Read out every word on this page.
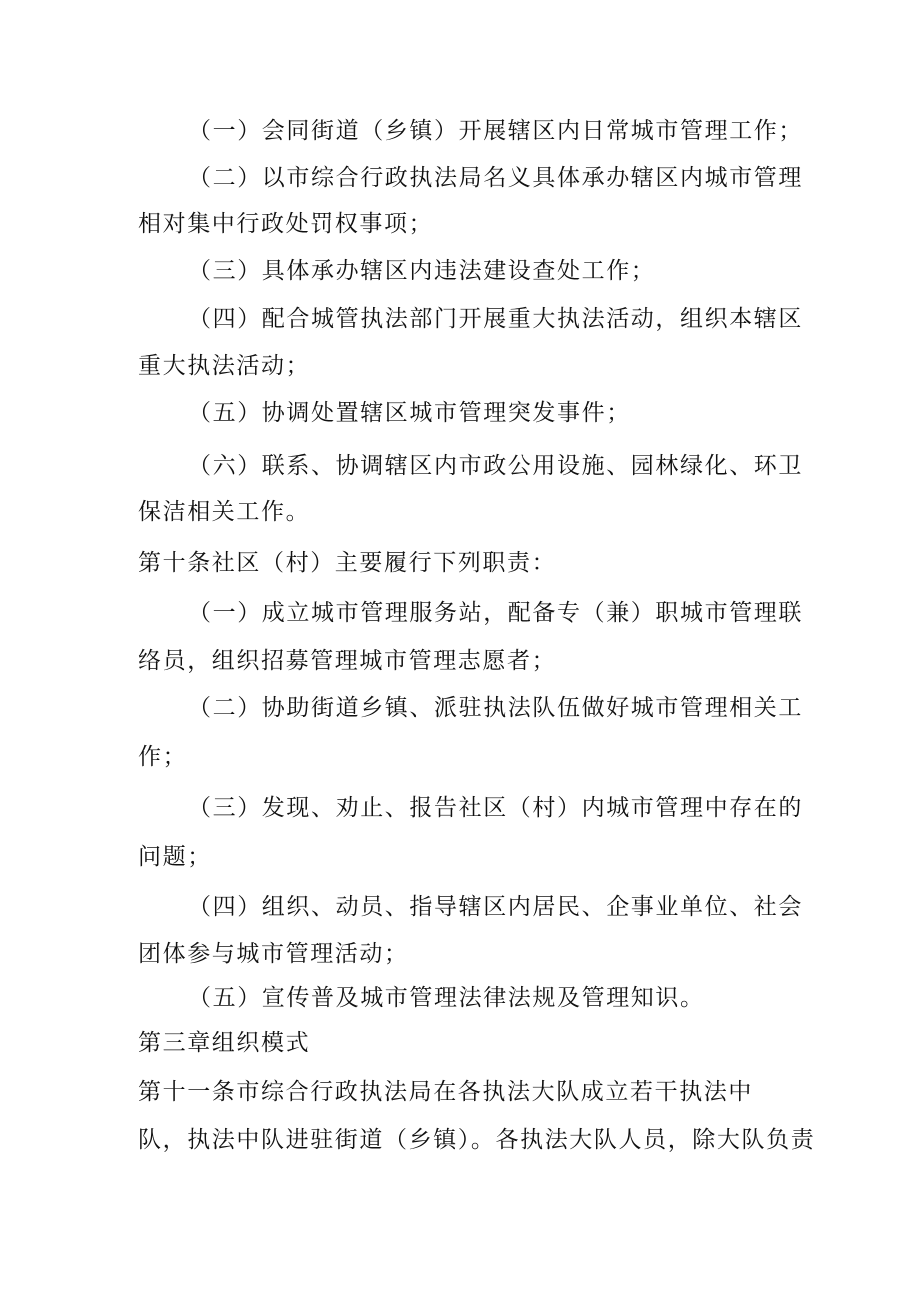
（一）会同街道（乡镇）开展辖区内日常城市管理工作；
（二）以市综合行政执法局名义具体承办辖区内城市管理
相对集中行政处罚权事项；
（三）具体承办辖区内违法建设查处工作；
（四）配合城管执法部门开展重大执法活动，组织本辖区
重大执法活动；
（五）协调处置辖区城市管理突发事件；
（六）联系、协调辖区内市政公用设施、园林绿化、环卫
保洁相关工作。
第十条社区（村）主要履行下列职责：
（一）成立城市管理服务站，配备专（兼）职城市管理联
络员，组织招募管理城市管理志愿者；
（二）协助街道乡镇、派驻执法队伍做好城市管理相关工
作；
（三）发现、劝止、报告社区（村）内城市管理中存在的
问题；
（四）组织、动员、指导辖区内居民、企事业单位、社会
团体参与城市管理活动；
（五）宣传普及城市管理法律法规及管理知识。
第三章组织模式
第十一条市综合行政执法局在各执法大队成立若干执法中
队，执法中队进驻街道（乡镇）。各执法大队人员，除大队负责
